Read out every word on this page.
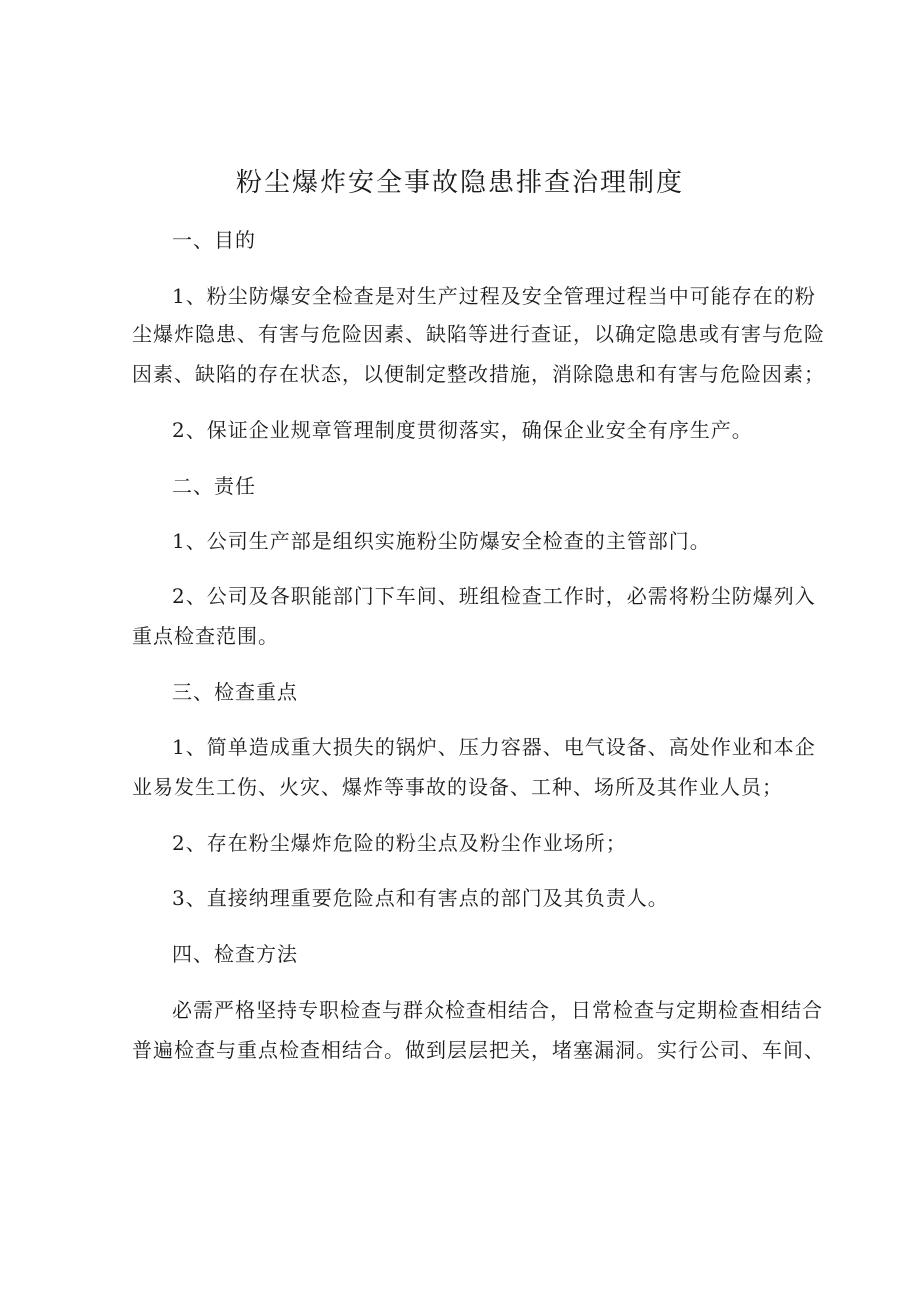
粉尘爆炸安全事故隐患排查治理制度
一、目的
1、粉尘防爆安全检查是对生产过程及安全管理过程当中可能存在的粉
尘爆炸隐患、有害与危险因素、缺陷等进行查证，以确定隐患或有害与危险
因素、缺陷的存在状态，以便制定整改措施，消除隐患和有害与危险因素；
2、保证企业规章管理制度贯彻落实，确保企业安全有序生产。
二、责任
1、公司生产部是组织实施粉尘防爆安全检查的主管部门。
2、公司及各职能部门下车间、班组检查工作时，必需将粉尘防爆列入
重点检查范围。
三、检查重点
1、简单造成重大损失的锅炉、压力容器、电气设备、高处作业和本企
业易发生工伤、火灾、爆炸等事故的设备、工种、场所及其作业人员；
2、存在粉尘爆炸危险的粉尘点及粉尘作业场所；
3、直接纳理重要危险点和有害点的部门及其负责人。
四、检查方法
必需严格坚持专职检查与群众检查相结合，日常检查与定期检查相结合
普遍检查与重点检查相结合。做到层层把关，堵塞漏洞。实行公司、车间、
